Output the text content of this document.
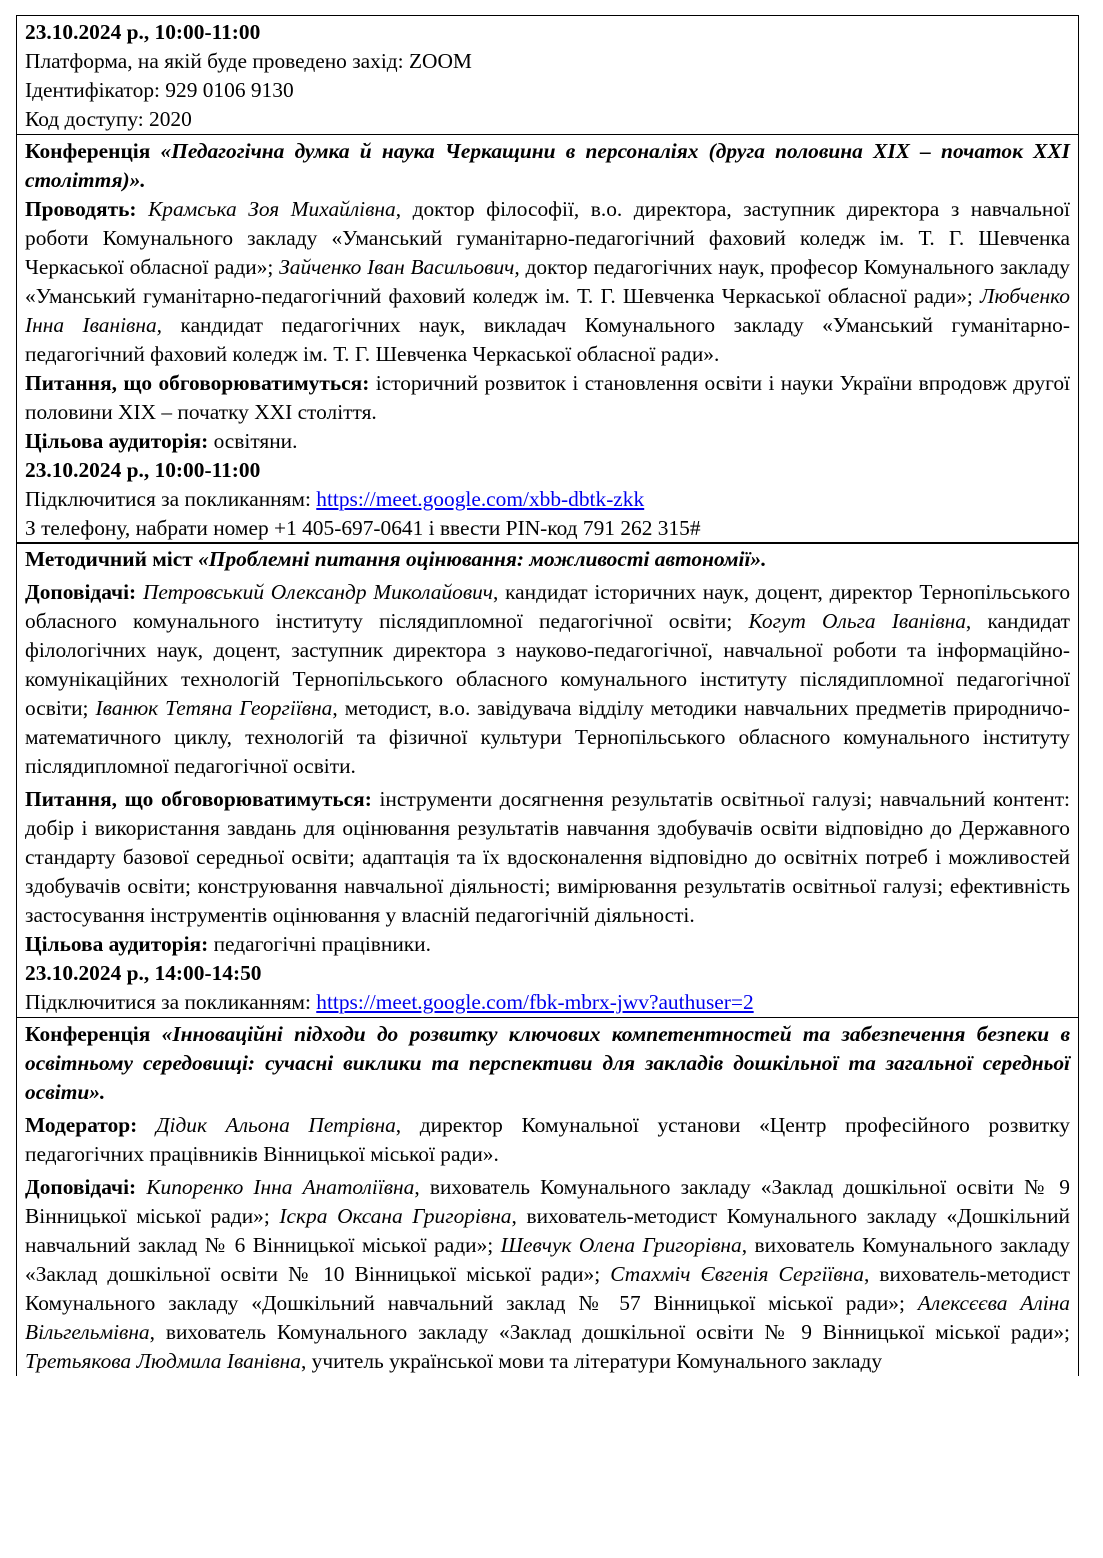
23.10.2024 р., 10:00-11:00

Платформа, на якій буде проведено захід: ZOOM

Ідентифікатор: 929 0106 9130

Код доступу: 2020

Конференція «Педагогічна думка й наука Черкащини в персоналіях (друга половина XIX – початок XXI століття)».

Проводять: Крамська Зоя Михайлівна, доктор філософії, в.о. директора, заступник директора з навчальної роботи Комунального закладу «Уманський гуманітарно-педагогічний фаховий коледж ім. Т. Г. Шевченка Черкаської обласної ради»; Зайченко Іван Васильович, доктор педагогічних наук, професор Комунального закладу «Уманський гуманітарно-педагогічний фаховий коледж ім. Т. Г. Шевченка Черкаської обласної ради»; Любченко Інна Іванівна, кандидат педагогічних наук, викладач Комунального закладу «Уманський гуманітарно-педагогічний фаховий коледж ім. Т. Г. Шевченка Черкаської обласної ради».

Питання, що обговорюватимуться: історичний розвиток і становлення освіти і науки України впродовж другої половини XIX – початку XXI століття.

Цільова аудиторія: освітяни.

23.10.2024 р., 10:00-11:00

Підключитися за покликанням: https://meet.google.com/xbb-dbtk-zkk

З телефону, набрати номер +1 405-697-0641 і ввести PIN-код 791 262 315#

Методичний міст «Проблемні питання оцінювання: можливості автономії».

Доповідачі: Петровський Олександр Миколайович, кандидат історичних наук, доцент, директор Тернопільського обласного комунального інституту післядипломної педагогічної освіти; Когут Ольга Іванівна, кандидат філологічних наук, доцент, заступник директора з науково-педагогічної, навчальної роботи та інформаційно-комунікаційних технологій Тернопільського обласного комунального інституту післядипломної педагогічної освіти; Іванюк Тетяна Георгіївна, методист, в.о. завідувача відділу методики навчальних предметів природничо-математичного циклу, технологій та фізичної культури Тернопільського обласного комунального інституту післядипломної педагогічної освіти.

Питання, що обговорюватимуться: інструменти досягнення результатів освітньої галузі; навчальний контент: добір і використання завдань для оцінювання результатів навчання здобувачів освіти відповідно до Державного стандарту базової середньої освіти; адаптація та їх вдосконалення відповідно до освітніх потреб і можливостей здобувачів освіти; конструювання навчальної діяльності; вимірювання результатів освітньої галузі; ефективність застосування інструментів оцінювання у власній педагогічній діяльності.

Цільова аудиторія: педагогічні працівники.

23.10.2024 р., 14:00-14:50

Підключитися за покликанням: https://meet.google.com/fbk-mbrx-jwv?authuser=2

Конференція «Інноваційні підходи до розвитку ключових компетентностей та забезпечення безпеки в освітньому середовищі: сучасні виклики та перспективи для закладів дошкільної та загальної середньої освіти».

Модератор: Дідик Альона Петрівна, директор Комунальної установи «Центр професійного розвитку педагогічних працівників Вінницької міської ради».

Доповідачі: Кипоренко Інна Анатоліївна, вихователь Комунального закладу «Заклад дошкільної освіти № 9 Вінницької міської ради»; Іскра Оксана Григорівна, вихователь-методист Комунального закладу «Дошкільний навчальний заклад № 6 Вінницької міської ради»; Шевчук Олена Григорівна, вихователь Комунального закладу «Заклад дошкільної освіти № 10 Вінницької міської ради»; Стахміч Євгенія Сергіївна, вихователь-методист Комунального закладу «Дошкільний навчальний заклад № 57 Вінницької міської ради»; Алексєєва Аліна Вільгельмівна, вихователь Комунального закладу «Заклад дошкільної освіти № 9 Вінницької міської ради»; Третьякова Людмила Іванівна, учитель української мови та літератури Комунального закладу
